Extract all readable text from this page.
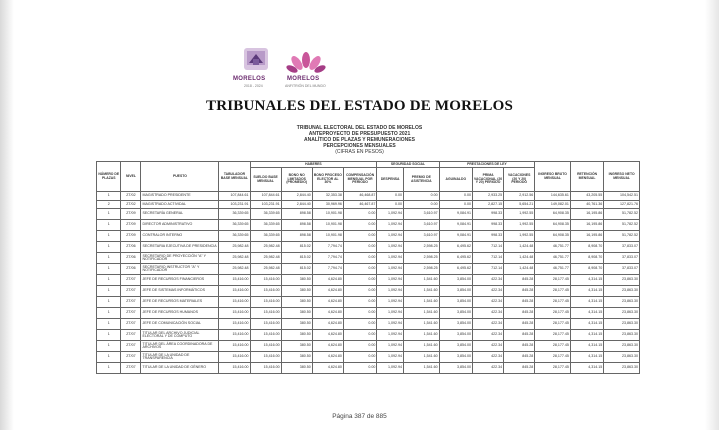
MORELOS
2018 - 2024
MORELOS
ANFITRIÓN DEL MUNDO
TRIBUNALES DEL ESTADO DE MORELOS
TRIBUNAL ELECTORAL DEL ESTADO DE MORELOS
ANTEPROYECTO DE PRESUPUESTO 2021
ANALÍTICO DE PLAZAS Y REMUNERACIONES
PERCEPCIONES MENSUALES
(CIFRAS EN PESOS)
NÚMERO DE PLAZAS	NIVEL	PUESTO	TABULADOR BASE MENSUAL	HABERES				SEGURIDAD SOCIAL		PRESTACIONES DE LEY			INGRESO BRUTO MENSUAL	RETENCIÓN MENSUAL	INGRESO NETO MENSUAL
				SUELDO BASE MENSUAL	BONO NO LIMITADOS (PROMEDIO)	BONO PROCESO ELECTOR AL 30%	COMPENSACIÓN MENSUAL POR PERIODO	DESPENSA	PREMIO DE ASISTENCIA	AGUINALDO	PRIMA VACACIONAL (20 Y 20) PERIODO	VACACIONES (20 Y 20) PERIODO			
1	ZT/02	MAGISTRADO PRESIDENTE	107,844.61	107,844.61	2,844.40	32,353.38	46,468.87	0.00	0.00	0.00	2,933.25	2,912.56	144,635.61	43,205.55	104,542.51
2	ZT/02	MAGISTRADO ACTIVIDAL	103,231.91	103,231.91	2,844.40	30,969.96	46,467.87	0.00	0.00	0.00	2,827.15	5,654.21	149,082.01	40,761.36	127,821.76
1	ZT/09	SECRETARÍA GENERAL	36,339.65	36,339.65	898.58	10,901.98	0.00	1,092.94	3,610.97	9,084.91	998.33	1,992.55	64,908.35	16,195.86	51,782.52
1	ZT/09	DIRECTOR ADMINISTRATIVO	36,339.65	36,339.65	898.58	10,901.98	0.00	1,092.94	3,610.97	9,084.91	998.33	1,992.55	64,908.35	16,195.86	51,782.52
1	ZT/09	CONTRALOR INTERNO	36,339.65	36,339.65	898.58	10,901.98	0.00	1,092.94	3,610.97	9,084.91	998.33	1,992.55	64,908.35	16,195.86	51,782.52
1	ZT/06	SECRETARIA EJECUTIVA DE PRESIDENCIA	25,982.48	25,982.48	815.02	7,794.74	0.00	1,092.94	2,598.25	6,495.62	712.14	1,424.48	46,751.77	8,908.70	37,833.07
1	ZT/06	SECRETARIO DE PROYECCIÓN "A" Y NOTIFICADOR	25,982.48	25,982.48	815.02	7,794.74	0.00	1,092.94	2,598.25	6,495.62	712.14	1,424.48	46,751.77	8,908.70	37,833.07
1	ZT/06	SECRETARIO INSTRUCTOR "A" Y NOTIFICADOR	25,982.48	25,982.48	815.02	7,794.74	0.00	1,092.94	2,598.25	6,495.62	712.14	1,424.48	46,751.77	8,908.70	37,833.07
1	ZT/07	JEFE DE RECURSOS FINANCIEROS	15,416.00	15,416.00	380.50	4,624.80	0.00	1,092.94	1,541.60	3,854.00	422.34	845.28	28,177.45	4,314.15	23,863.30
1	ZT/07	JEFE DE SISTEMAS INFORMÁTICOS	15,416.00	15,416.00	380.50	4,624.80	0.00	1,092.94	1,541.60	3,854.00	422.34	845.28	28,177.45	4,314.15	23,863.30
1	ZT/07	JEFE DE RECURSOS MATERIALES	15,416.00	15,416.00	380.50	4,624.80	0.00	1,092.94	1,541.60	3,854.00	422.34	845.28	28,177.45	4,314.15	23,863.30
1	ZT/07	JEFE DE RECURSOS HUMANOS	15,416.00	15,416.00	380.50	4,624.80	0.00	1,092.94	1,541.60	3,854.00	422.34	845.28	28,177.45	4,314.15	23,863.30
1	ZT/07	JEFE DE COMUNICACIÓN SOCIAL	15,416.00	15,416.00	380.50	4,624.80	0.00	1,092.94	1,541.60	3,854.00	422.34	845.28	28,177.45	4,314.15	23,863.30
1	ZT/07	TITULAR DEL ARCHIVO JUDICIAL ELECTORAL Y DE CÓMPUTO	15,416.00	15,416.00	380.50	4,624.80	0.00	1,092.94	1,541.60	3,854.00	422.34	845.28	28,177.45	4,314.15	23,863.30
1	ZT/07	TITULAR DEL ÁREA COORDINADORA DE ARCHIVOS	15,416.00	15,416.00	380.50	4,624.80	0.00	1,092.94	1,541.60	3,854.00	422.34	845.28	28,177.45	4,314.15	23,863.30
1	ZT/07	TITULAR DE LA UNIDAD DE TRANSPARENCIA	15,416.00	15,416.00	380.50	4,624.80	0.00	1,092.94	1,541.60	3,854.00	422.34	845.28	28,177.45	4,314.15	23,863.30
1	ZT/07	TITULAR DE LA UNIDAD DE GÉNERO	15,416.00	15,416.00	380.50	4,624.80	0.00	1,092.94	1,541.60	3,854.00	422.34	845.28	28,177.45	4,314.15	23,863.30
Página 387 de 885
